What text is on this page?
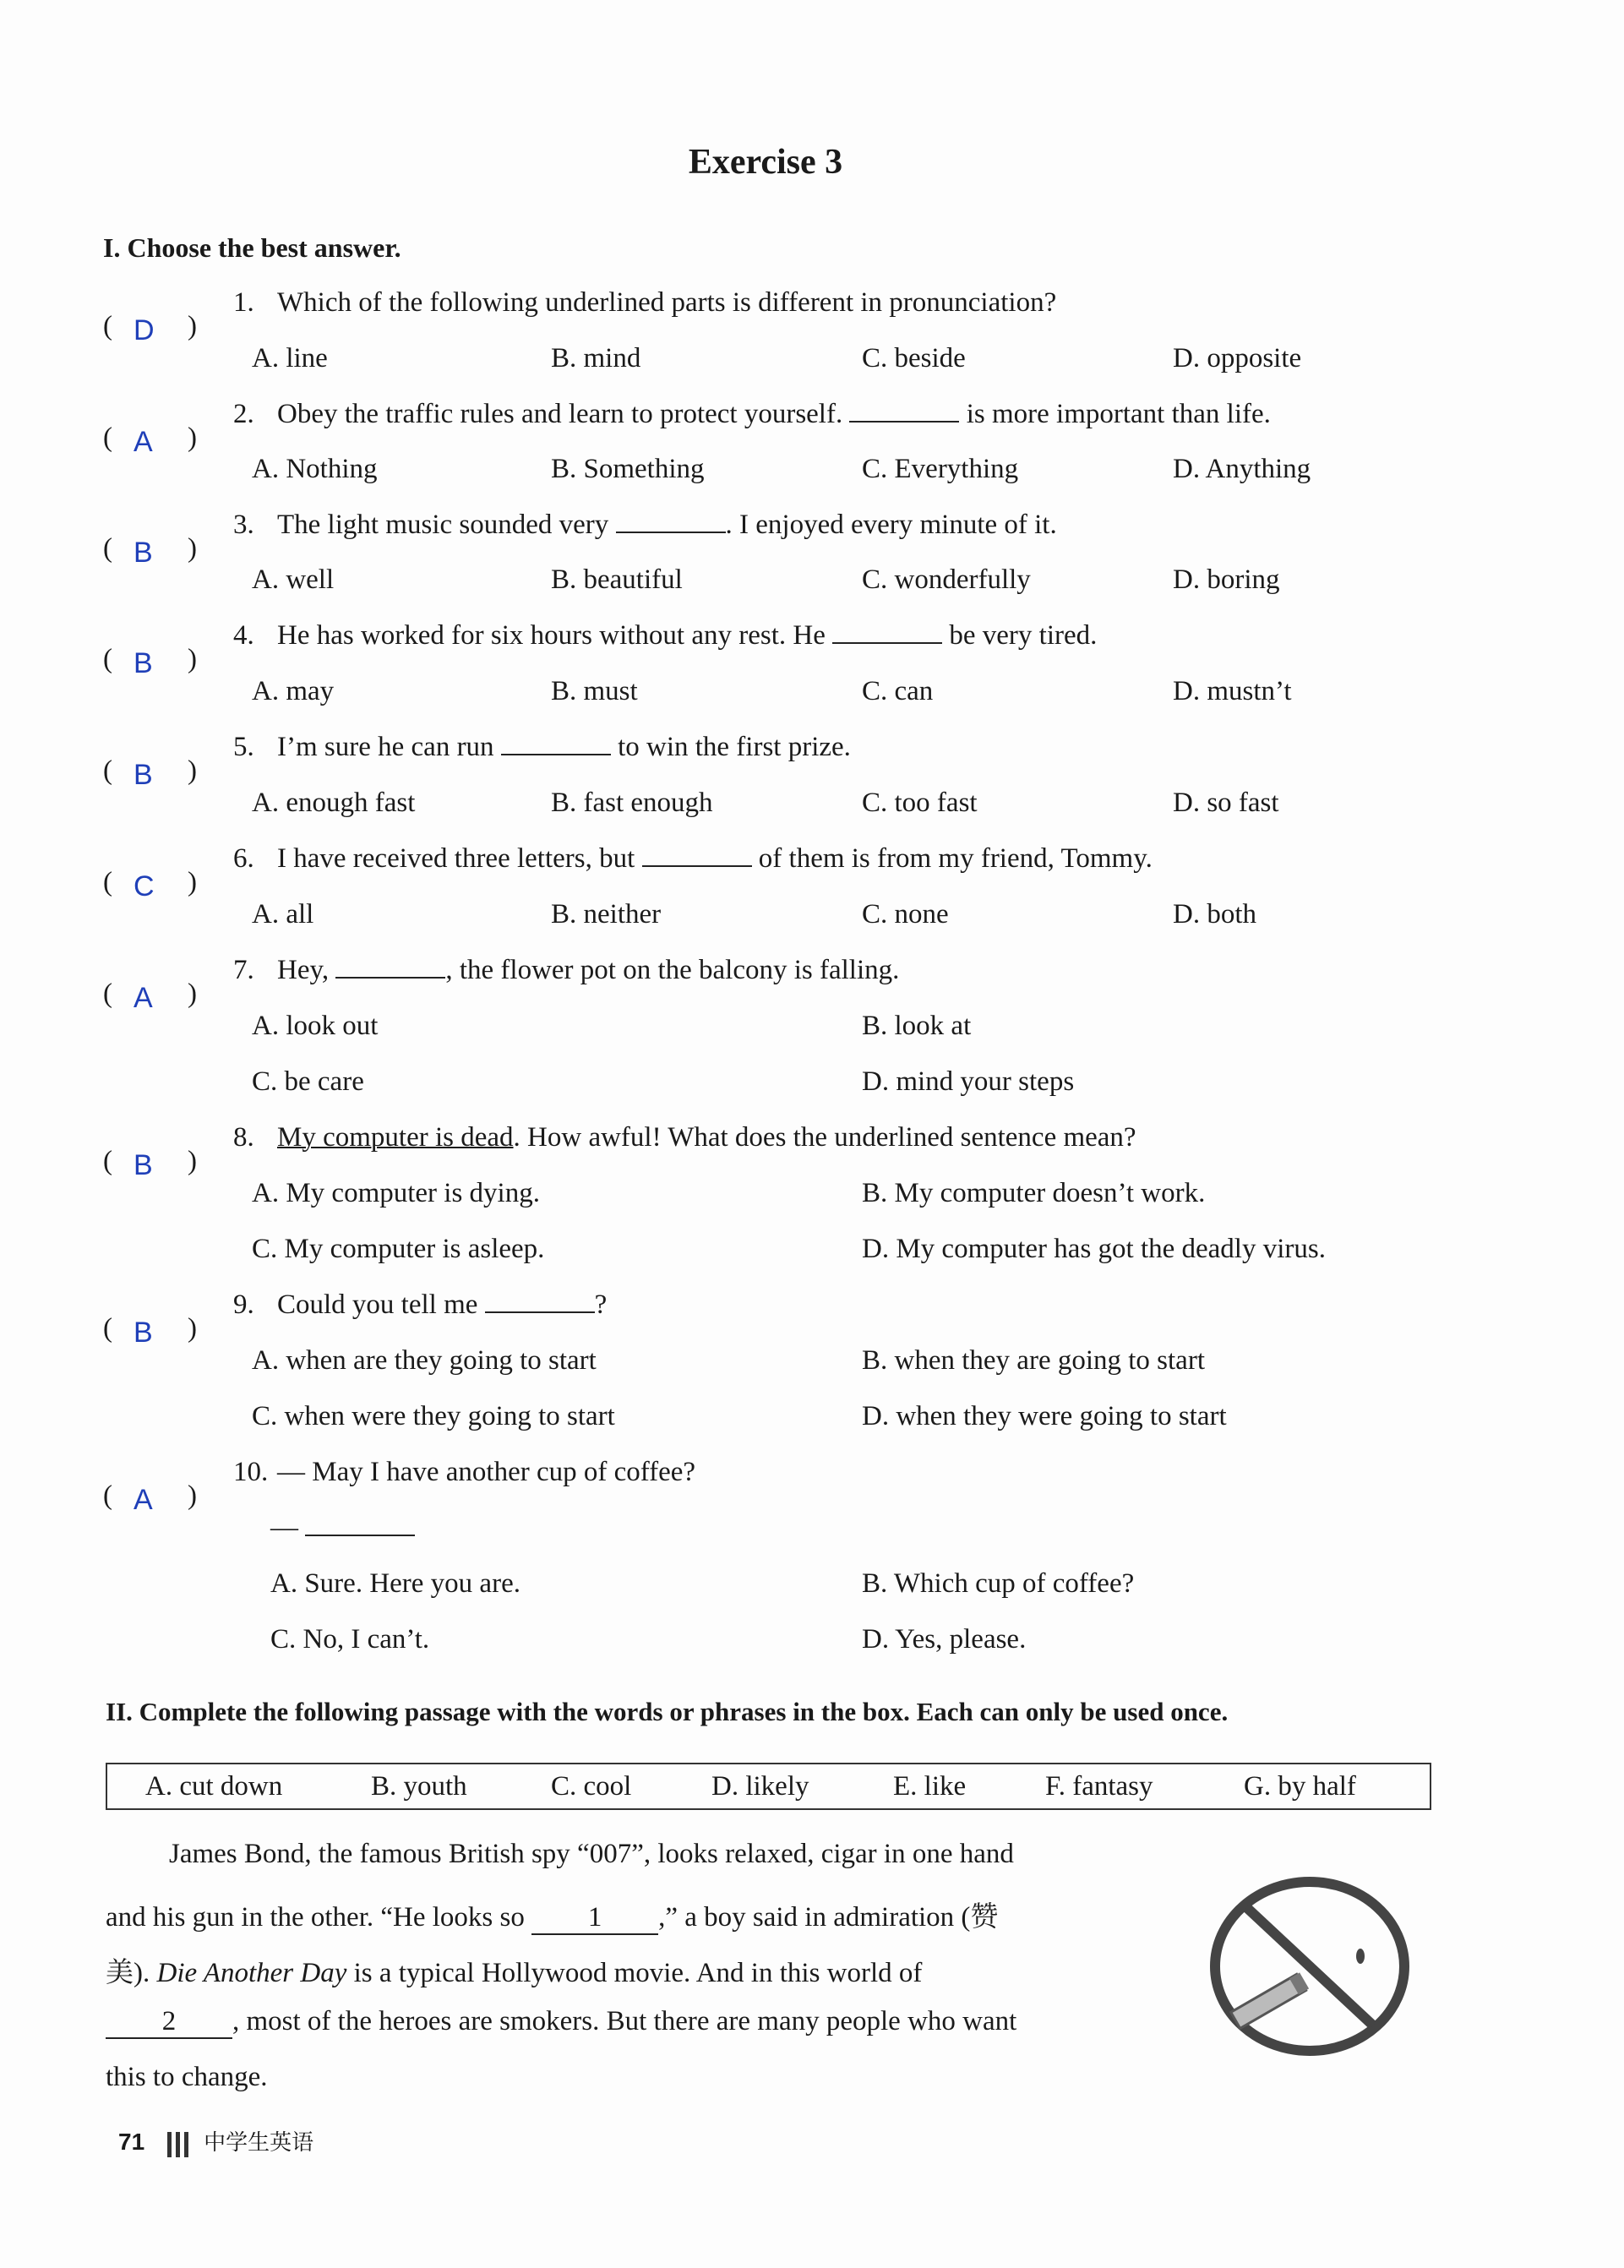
Exercise 3
I. Choose the best answer.
( D )
1. Which of the following underlined parts is different in pronunciation?
A. line	B. mind	C. beside	D. opposite
( A )
2. Obey the traffic rules and learn to protect yourself.	is more important than life.
A. Nothing	B. Something	C. Everything	D. Anything
( B )
3. The light music sounded very	. I enjoyed every minute of it.
A. well	B. beautiful	C. wonderfully	D. boring
( B )
4. He has worked for six hours without any rest. He	be very tired.
A. may	B. must	C. can	D. mustn’t
( B )
5. I’m sure he can run	to win the first prize.
A. enough fast	B. fast enough	C. too fast	D. so fast
( C )
6. I have received three letters, but	of them is from my friend, Tommy.
A. all	B. neither	C. none	D. both
( A )
7. Hey,	, the flower pot on the balcony is falling.
A. look out	B. look at
C. be care	D. mind your steps
( B )
8. My computer is dead. How awful! What does the underlined sentence mean?
A. My computer is dying.	B. My computer doesn’t work.
C. My computer is asleep.	D. My computer has got the deadly virus.
( B )
9. Could you tell me	?
A. when are they going to start	B. when they are going to start
C. when were they going to start	D. when they were going to start
( A )
10. — May I have another cup of coffee?
—
A. Sure. Here you are.	B. Which cup of coffee?
C. No, I can’t.	D. Yes, please.
II. Complete the following passage with the words or phrases in the box. Each can only be used once.
A. cut down	B. youth	C. cool	D. likely	E. like	F. fantasy	G. by half
James Bond, the famous British spy “007”, looks relaxed, cigar in one hand
and his gun in the other. “He looks so 1 ,” a boy said in admiration (赞
美). Die Another Day is a typical Hollywood movie. And in this world of
2 , most of the heroes are smokers. But there are many people who want
this to change.
71	中学生英语
